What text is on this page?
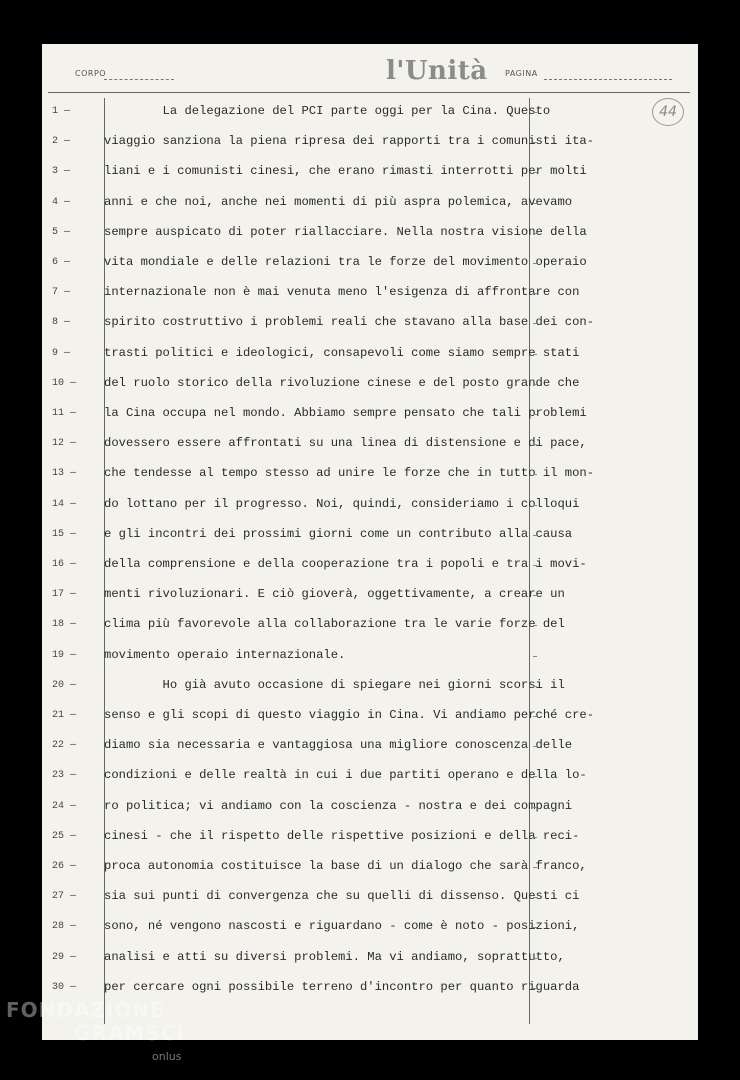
CORPO	l'Unità PAGINA
44
1 —	La delegazione del PCI parte oggi per la Cina. Questo
2 —	viaggio sanziona la piena ripresa dei rapporti tra i comunisti ita-
3 —	liani e i comunisti cinesi, che erano rimasti interrotti per molti
4 —	anni e che noi, anche nei momenti di più aspra polemica, avevamo
5 —	sempre auspicato di poter riallacciare. Nella nostra visione della
6 —	vita mondiale e delle relazioni tra le forze del movimento operaio
7 —	internazionale non è mai venuta meno l'esigenza di affrontare con
8 —	spirito costruttivo i problemi reali che stavano alla base dei con-
9 —	trasti politici e ideologici, consapevoli come siamo sempre stati
10 —	del ruolo storico della rivoluzione cinese e del posto grande che
11 —	la Cina occupa nel mondo. Abbiamo sempre pensato che tali problemi
12 —	dovessero essere affrontati su una linea di distensione e di pace,
13 —	che tendesse al tempo stesso ad unire le forze che in tutto il mon-
14 —	do lottano per il progresso. Noi, quindi, consideriamo i colloqui
15 —	e gli incontri dei prossimi giorni come un contributo alla causa
16 —	della comprensione e della cooperazione tra i popoli e tra i movi-
17 —	menti rivoluzionari. E ciò gioverà, oggettivamente, a creare un
18 —	clima più favorevole alla collaborazione tra le varie forze del
19 —	movimento operaio internazionale.
20 —	Ho già avuto occasione di spiegare nei giorni scorsi il
21 —	senso e gli scopi di questo viaggio in Cina. Vi andiamo perché cre-
22 —	diamo sia necessaria e vantaggiosa una migliore conoscenza delle
23 —	condizioni e delle realtà in cui i due partiti operano e della lo-
24 —	ro politica; vi andiamo con la coscienza - nostra e dei compagni
25 —	cinesi - che il rispetto delle rispettive posizioni e della reci-
26 —	proca autonomia costituisce la base di un dialogo che sarà franco,
27 —	sia sui punti di convergenza che su quelli di dissenso. Questi ci
28 —	sono, né vengono nascosti e riguardano - come è noto - posizioni,
29 —	analisi e atti su diversi problemi. Ma vi andiamo, soprattutto,
30 —	per cercare ogni possibile terreno d'incontro per quanto riguarda
FONDAZIONE
GRAMSCI
onlus
